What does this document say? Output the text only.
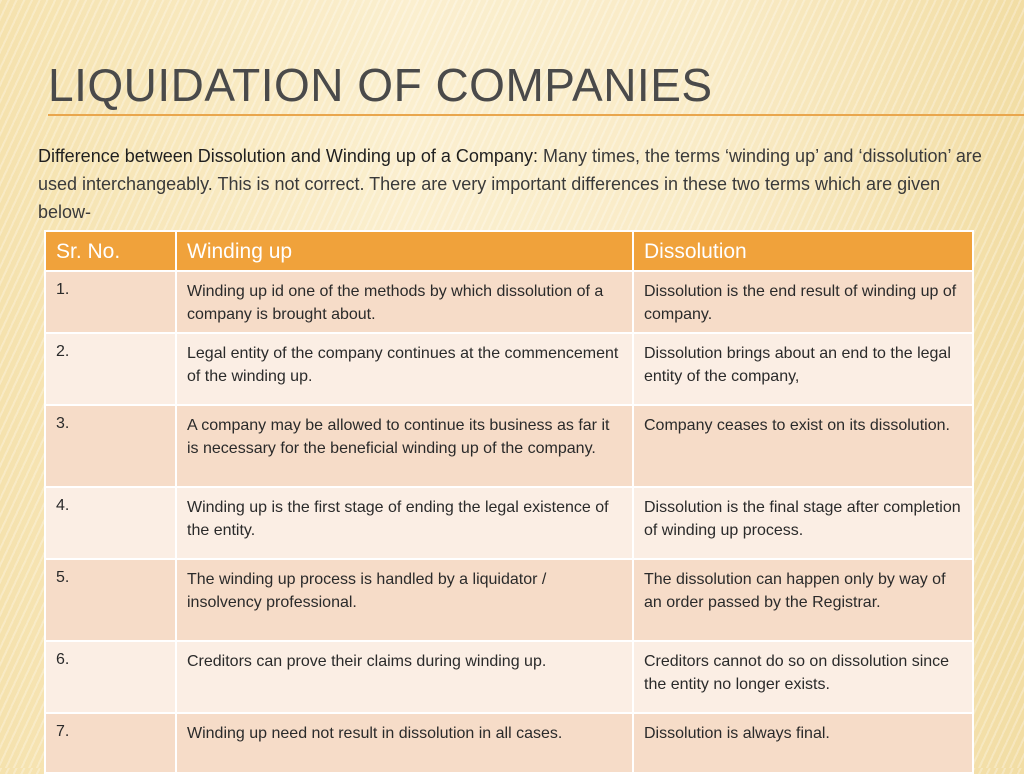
LIQUIDATION OF COMPANIES
Difference between Dissolution and Winding up of a Company: Many times, the terms ‘winding up’ and ‘dissolution’ are used interchangeably. This is not correct. There are very important differences in these two terms which are given below-
Sr. No.	Winding up	Dissolution
1.	Winding up id one of the methods by which dissolution of a company is brought about.	Dissolution is the end result of winding up of company.
2.	Legal entity of the company continues at the commencement of the winding up.	Dissolution brings about an end to the legal entity of the company,
3.	A company may be allowed to continue its business as far it is necessary for the beneficial winding up of the company.	Company ceases to exist on its dissolution.
4.	Winding up is the first stage of ending the legal existence of the entity.	Dissolution is the final stage after completion of winding up process.
5.	The winding up process is handled by a liquidator / insolvency professional.	The dissolution can happen only by way of an order passed by the Registrar.
6.	Creditors can prove their claims during winding up.	Creditors cannot do so on dissolution since the entity no longer exists.
7.	Winding up need not result in dissolution in all cases.	Dissolution is always final.
